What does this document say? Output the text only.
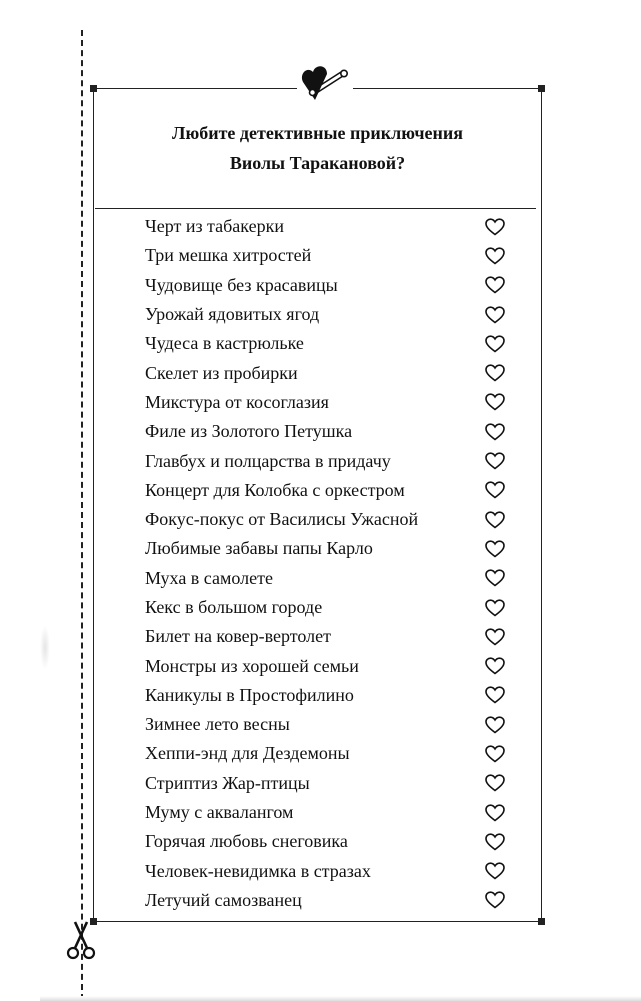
Любите детективные приключения
Виолы Таракановой?
Черт из табакерки
Три мешка хитростей
Чудовище без красавицы
Урожай ядовитых ягод
Чудеса в кастрюльке
Скелет из пробирки
Микстура от косоглазия
Филе из Золотого Петушка
Главбух и полцарства в придачу
Концерт для Колобка с оркестром
Фокус-покус от Василисы Ужасной
Любимые забавы папы Карло
Муха в самолете
Кекс в большом городе
Билет на ковер-вертолет
Монстры из хорошей семьи
Каникулы в Простофилино
Зимнее лето весны
Хеппи-энд для Дездемоны
Стриптиз Жар-птицы
Муму с аквалангом
Горячая любовь снеговика
Человек-невидимка в стразах
Летучий самозванец
